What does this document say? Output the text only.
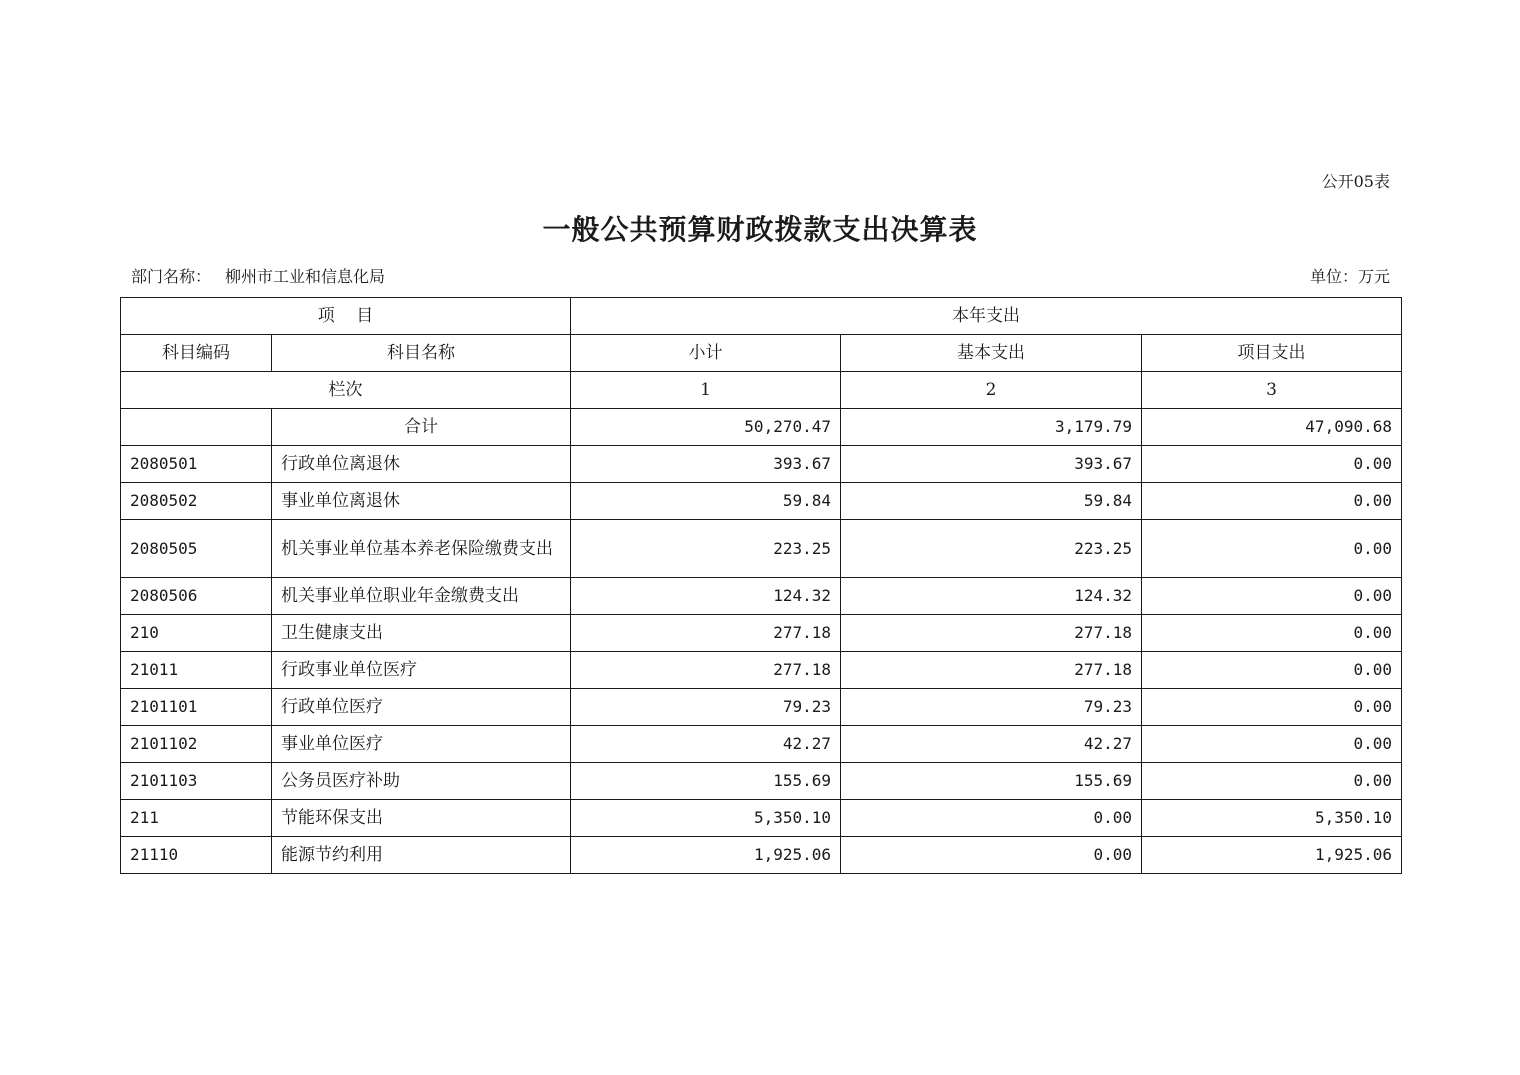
公开05表
一般公共预算财政拨款支出决算表
部门名称： 柳州市工业和信息化局	单位：万元
项    目		本年支出		
科目编码	科目名称	小计	基本支出	项目支出
栏次		1	2	3
	合计	50,270.47	3,179.79	47,090.68
2080501	行政单位离退休	393.67	393.67	0.00
2080502	事业单位离退休	59.84	59.84	0.00
2080505	机关事业单位基本养老保险缴费支出	223.25	223.25	0.00
2080506	机关事业单位职业年金缴费支出	124.32	124.32	0.00
210	卫生健康支出	277.18	277.18	0.00
21011	行政事业单位医疗	277.18	277.18	0.00
2101101	行政单位医疗	79.23	79.23	0.00
2101102	事业单位医疗	42.27	42.27	0.00
2101103	公务员医疗补助	155.69	155.69	0.00
211	节能环保支出	5,350.10	0.00	5,350.10
21110	能源节约利用	1,925.06	0.00	1,925.06
